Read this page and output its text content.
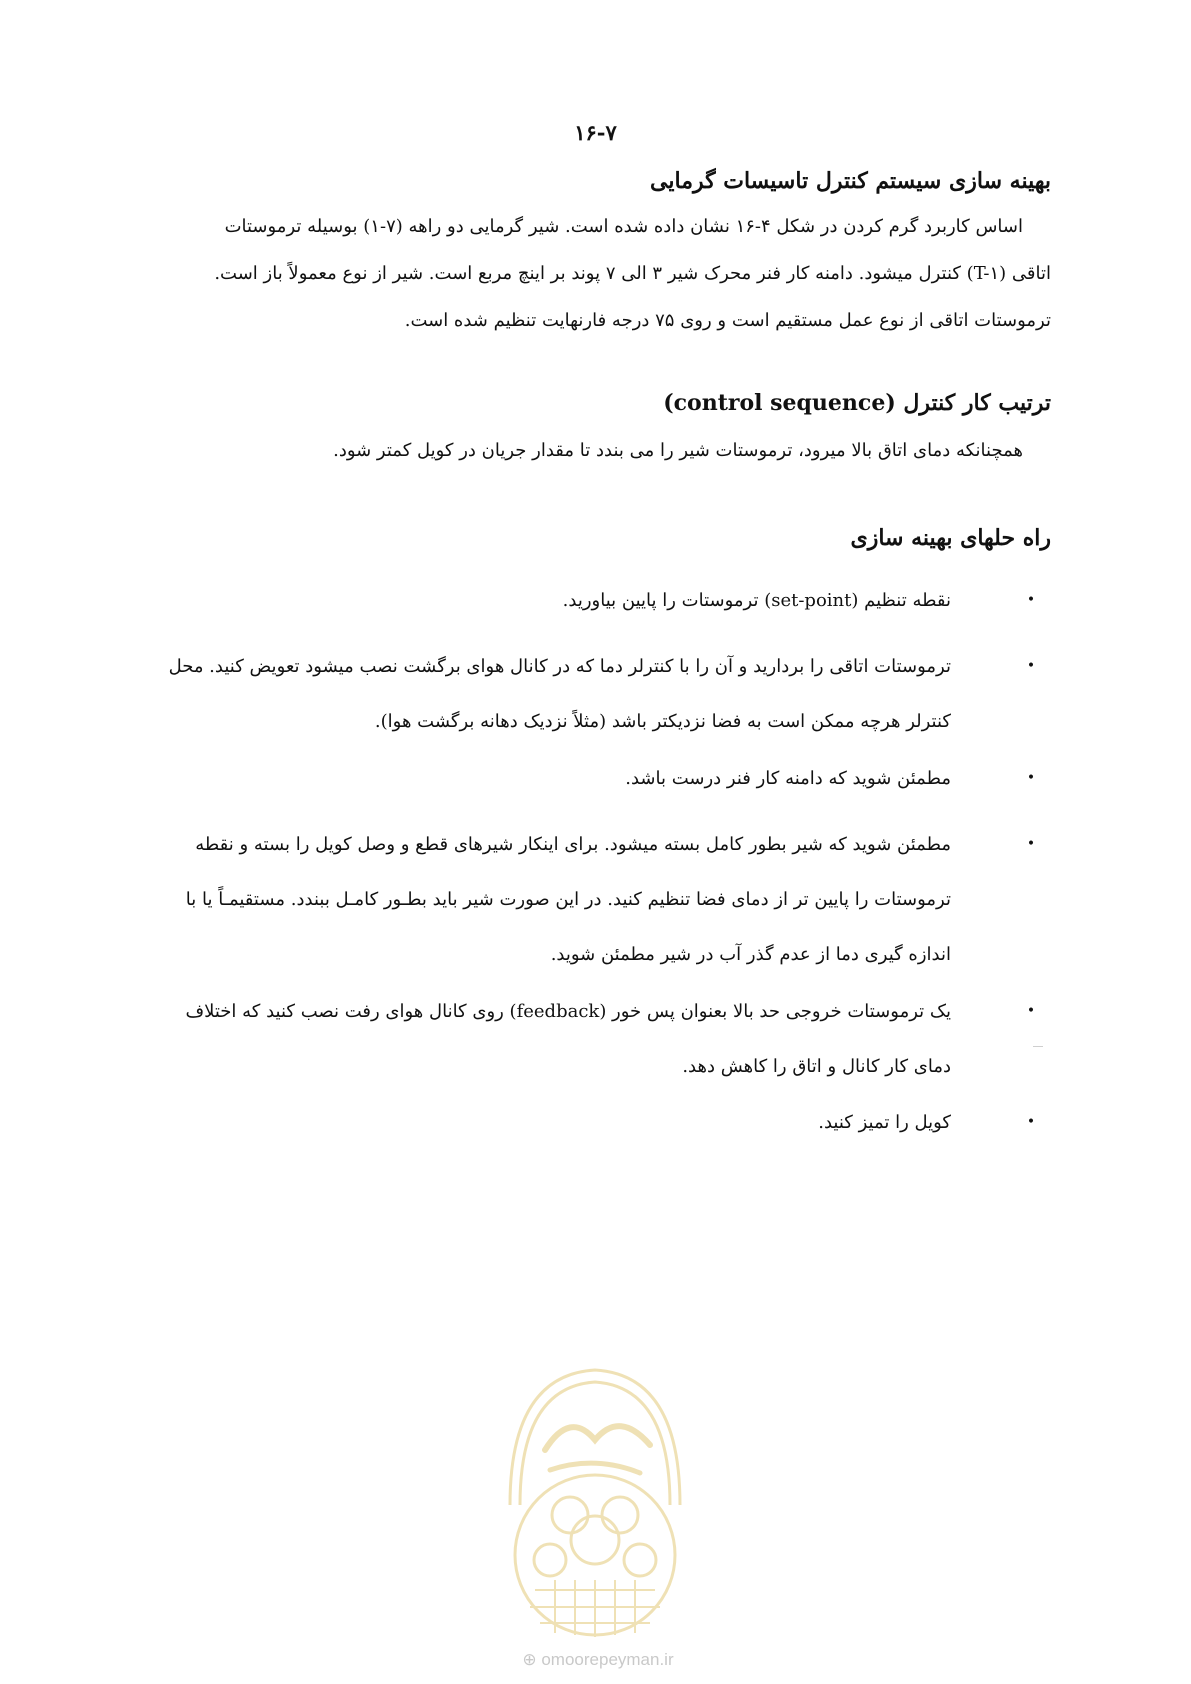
۱۶-۷
بهینه سازی سیستم کنترل تاسیسات گرمایی
اساس کاربرد گرم کردن در شکل ۴-۱۶ نشان داده شده است. شیر گرمایی دو راهه (۷-۱) بوسیله ترموستات
اتاقی (T-۱) کنترل میشود. دامنه کار فنر محرک شیر ۳ الی ۷ پوند بر اینچ مربع است. شیر از نوع معمولاً باز است.
ترموستات اتاقی از نوع عمل مستقیم است و روی ۷۵ درجه فارنهایت تنظیم شده است.
ترتیب کار کنترل (control sequence)
همچنانکه دمای اتاق بالا میرود، ترموستات شیر را می بندد تا مقدار جریان در کویل کمتر شود.
راه حلهای بهینه سازی
•
نقطه تنظیم (set-point) ترموستات را پایین بیاورید.
•
ترموستات اتاقی را بردارید و آن را با کنترلر دما که در کانال هوای برگشت نصب میشود تعویض کنید. محل
کنترلر هرچه ممکن است به فضا نزدیکتر باشد (مثلاً نزدیک دهانه برگشت هوا).
•
مطمئن شوید که دامنه کار فنر درست باشد.
•
مطمئن شوید که شیر بطور کامل بسته میشود. برای اینکار شیرهای قطع و وصل کویل را بسته و نقطه
ترموستات را پایین تر از دمای فضا تنظیم کنید. در این صورت شیر باید بطـور کامـل ببندد. مستقیمـاً یا با
اندازه گیری دما از عدم گذر آب در شیر مطمئن شوید.
•
یک ترموستات خروجی حد بالا بعنوان پس خور (feedback) روی کانال هوای رفت نصب کنید که اختلاف
دمای کار کانال و اتاق را کاهش دهد.
•
کویل را تمیز کنید.
⊕ omoorepeyman.ir
